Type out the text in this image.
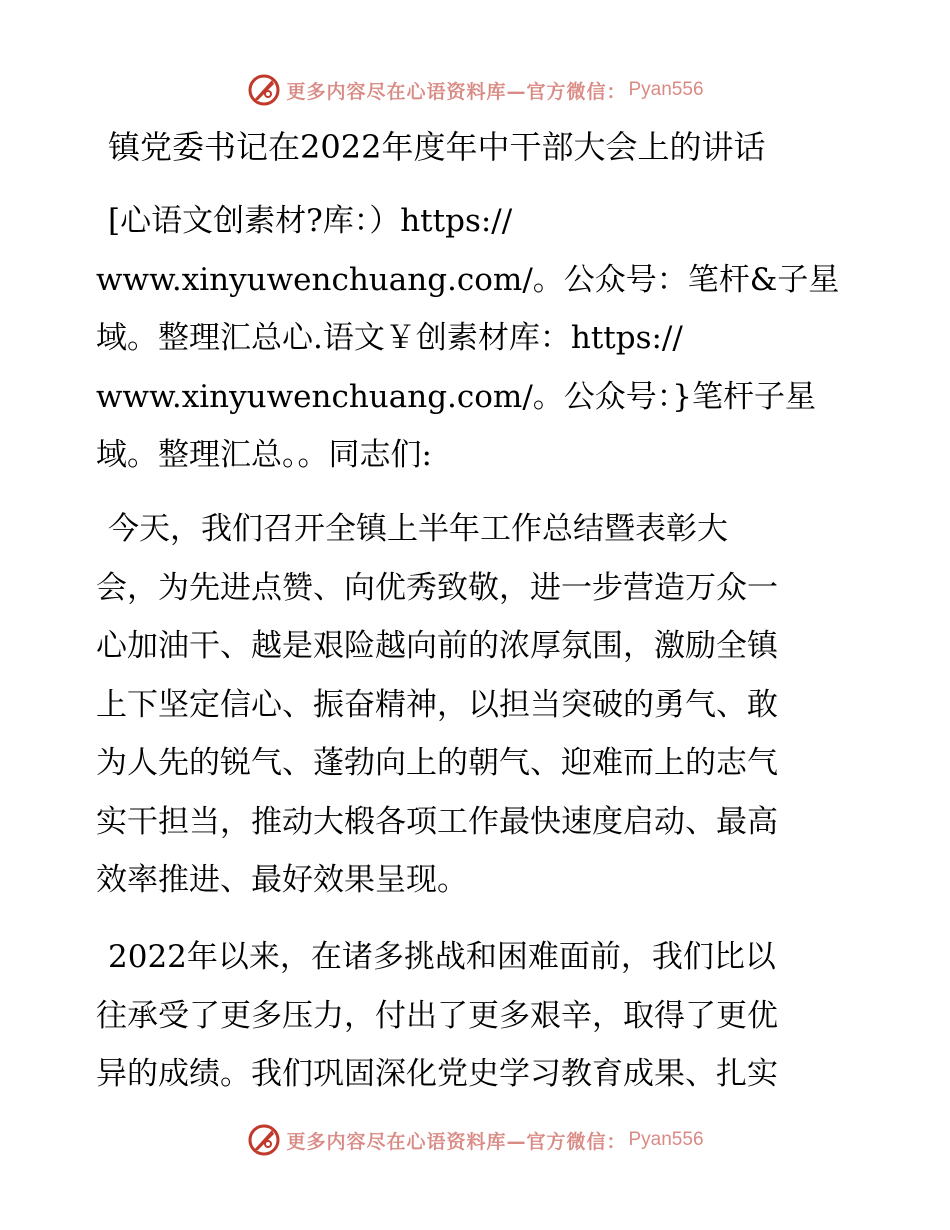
更多内容尽在心语资料库—官方微信： Pyan556
镇党委书记在2022年度年中干部大会上的讲话

[心语文创素材?库：）https://
www.xinyuwenchuang.com/。公众号：笔杆&子星
域。整理汇总心.语文￥创素材库：https://
www.xinyuwenchuang.com/。公众号：}笔杆子星
域。整理汇总。。同志们:

今天，我们召开全镇上半年工作总结暨表彰大
会，为先进点赞、向优秀致敬，进一步营造万众一
心加油干、越是艰险越向前的浓厚氛围，激励全镇
上下坚定信心、振奋精神，以担当突破的勇气、敢
为人先的锐气、蓬勃向上的朝气、迎难而上的志气
实干担当，推动大椴各项工作最快速度启动、最高
效率推进、最好效果呈现。

2022年以来，在诸多挑战和困难面前，我们比以
往承受了更多压力，付出了更多艰辛，取得了更优
异的成绩。我们巩固深化党史学习教育成果、扎实

更多内容尽在心语资料库—官方微信： Pyan556
